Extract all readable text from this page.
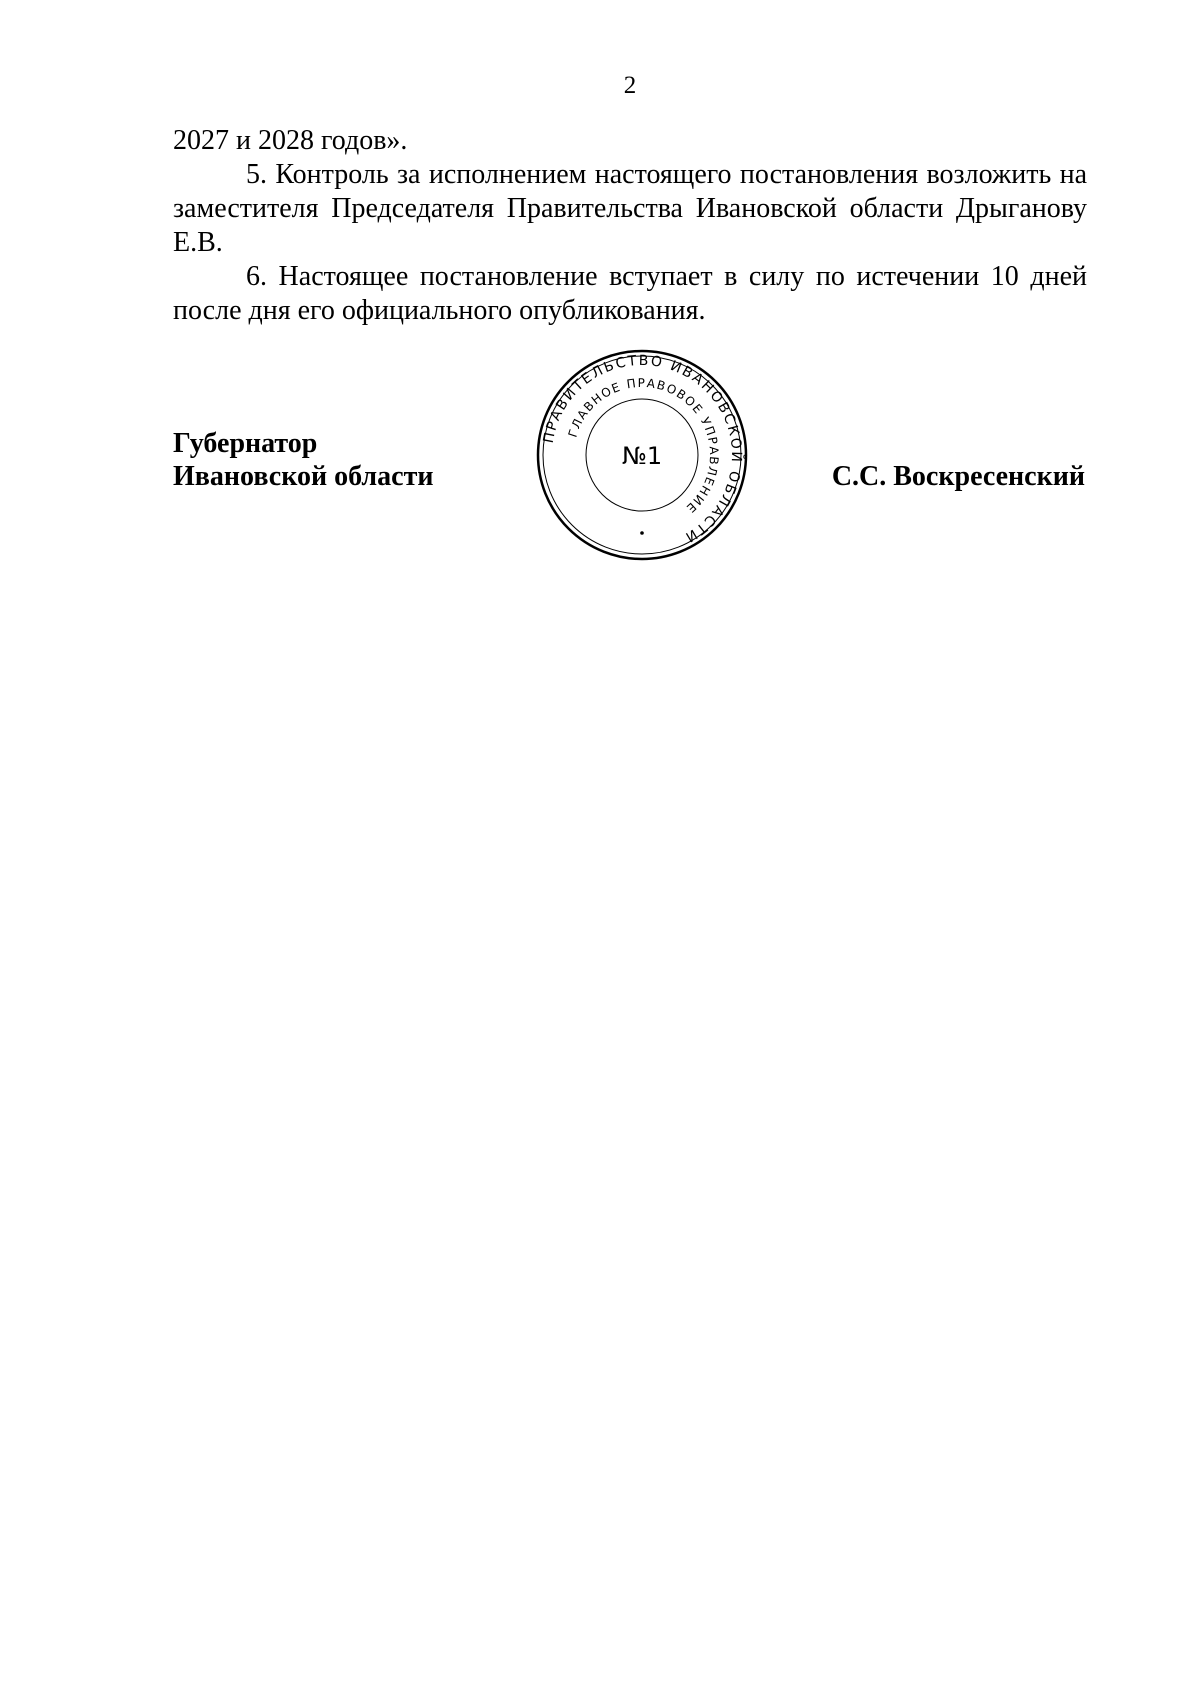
2

2027 и 2028 годов».

5. Контроль за исполнением настоящего постановления возложить на заместителя Председателя Правительства Ивановской области Дрыганову Е.В.

6. Настоящее постановление вступает в силу по истечении 10 дней после дня его официального опубликования.

Губернатор
Ивановской области	С.С. Воскресенский
ПРАВИТЕЛЬСТВО ИВАНОВСКОЙ ОБЛАСТИ
ГЛАВНОЕ ПРАВОВОЕ УПРАВЛЕНИЕ
№1
